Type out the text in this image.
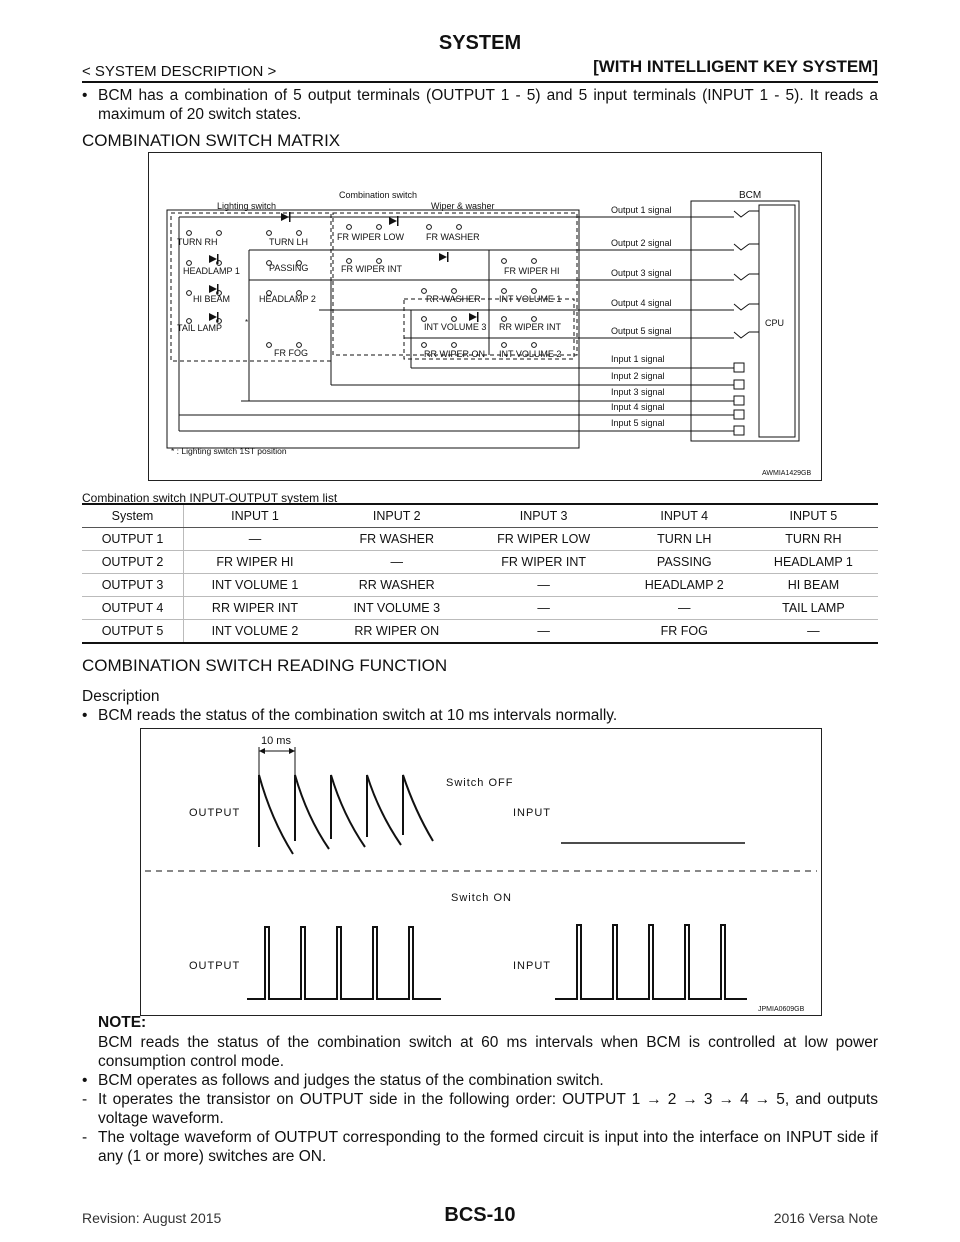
SYSTEM
< SYSTEM DESCRIPTION >	[WITH INTELLIGENT KEY SYSTEM]
• BCM has a combination of 5 output terminals (OUTPUT 1 - 5) and 5 input terminals (INPUT 1 - 5). It reads a maximum of 20 switch states.
COMBINATION SWITCH MATRIX
Combination switch
Lighting switch	Wiper & washer
TURN RH	TURN LH
HEADLAMP 1	PASSING
HI BEAM	HEADLAMP 2
TAIL LAMP
FR FOG
FR WIPER LOW FR WASHER
FR WIPER INT	FR WIPER HI
RR WASHER INT VOLUME 1
INT VOLUME 3 RR WIPER INT
RR WIPER ON INT VOLUME 2
*
Output 1 signal
Output 2 signal
Output 3 signal
Output 4 signal
Output 5 signal
Input 1 signal
Input 2 signal
Input 3 signal
Input 4 signal
Input 5 signal
BCM
CPU
* : Lighting switch 1ST position
AWMIA1429GB
Combination switch INPUT-OUTPUT system list
System	INPUT 1	INPUT 2	INPUT 3	INPUT 4	INPUT 5
OUTPUT 1	—	FR WASHER	FR WIPER LOW	TURN LH	TURN RH
OUTPUT 2	FR WIPER HI	—	FR WIPER INT	PASSING	HEADLAMP 1
OUTPUT 3	INT VOLUME 1	RR WASHER	—	HEADLAMP 2	HI BEAM
OUTPUT 4	RR WIPER INT	INT VOLUME 3	—	—	TAIL LAMP
OUTPUT 5	INT VOLUME 2	RR WIPER ON	—	FR FOG	—
COMBINATION SWITCH READING FUNCTION
Description
• BCM reads the status of the combination switch at 10 ms intervals normally.
10 ms
Switch OFF
OUTPUT	INPUT
Switch ON
OUTPUT	INPUT
JPMIA0609GB
NOTE:
BCM reads the status of the combination switch at 60 ms intervals when BCM is controlled at low power consumption control mode.
• BCM operates as follows and judges the status of the combination switch.
- It operates the transistor on OUTPUT side in the following order: OUTPUT 1 → 2 → 3 → 4 → 5, and outputs voltage waveform.
- The voltage waveform of OUTPUT corresponding to the formed circuit is input into the interface on INPUT side if any (1 or more) switches are ON.
Revision: August 2015	BCS-10	2016 Versa Note
